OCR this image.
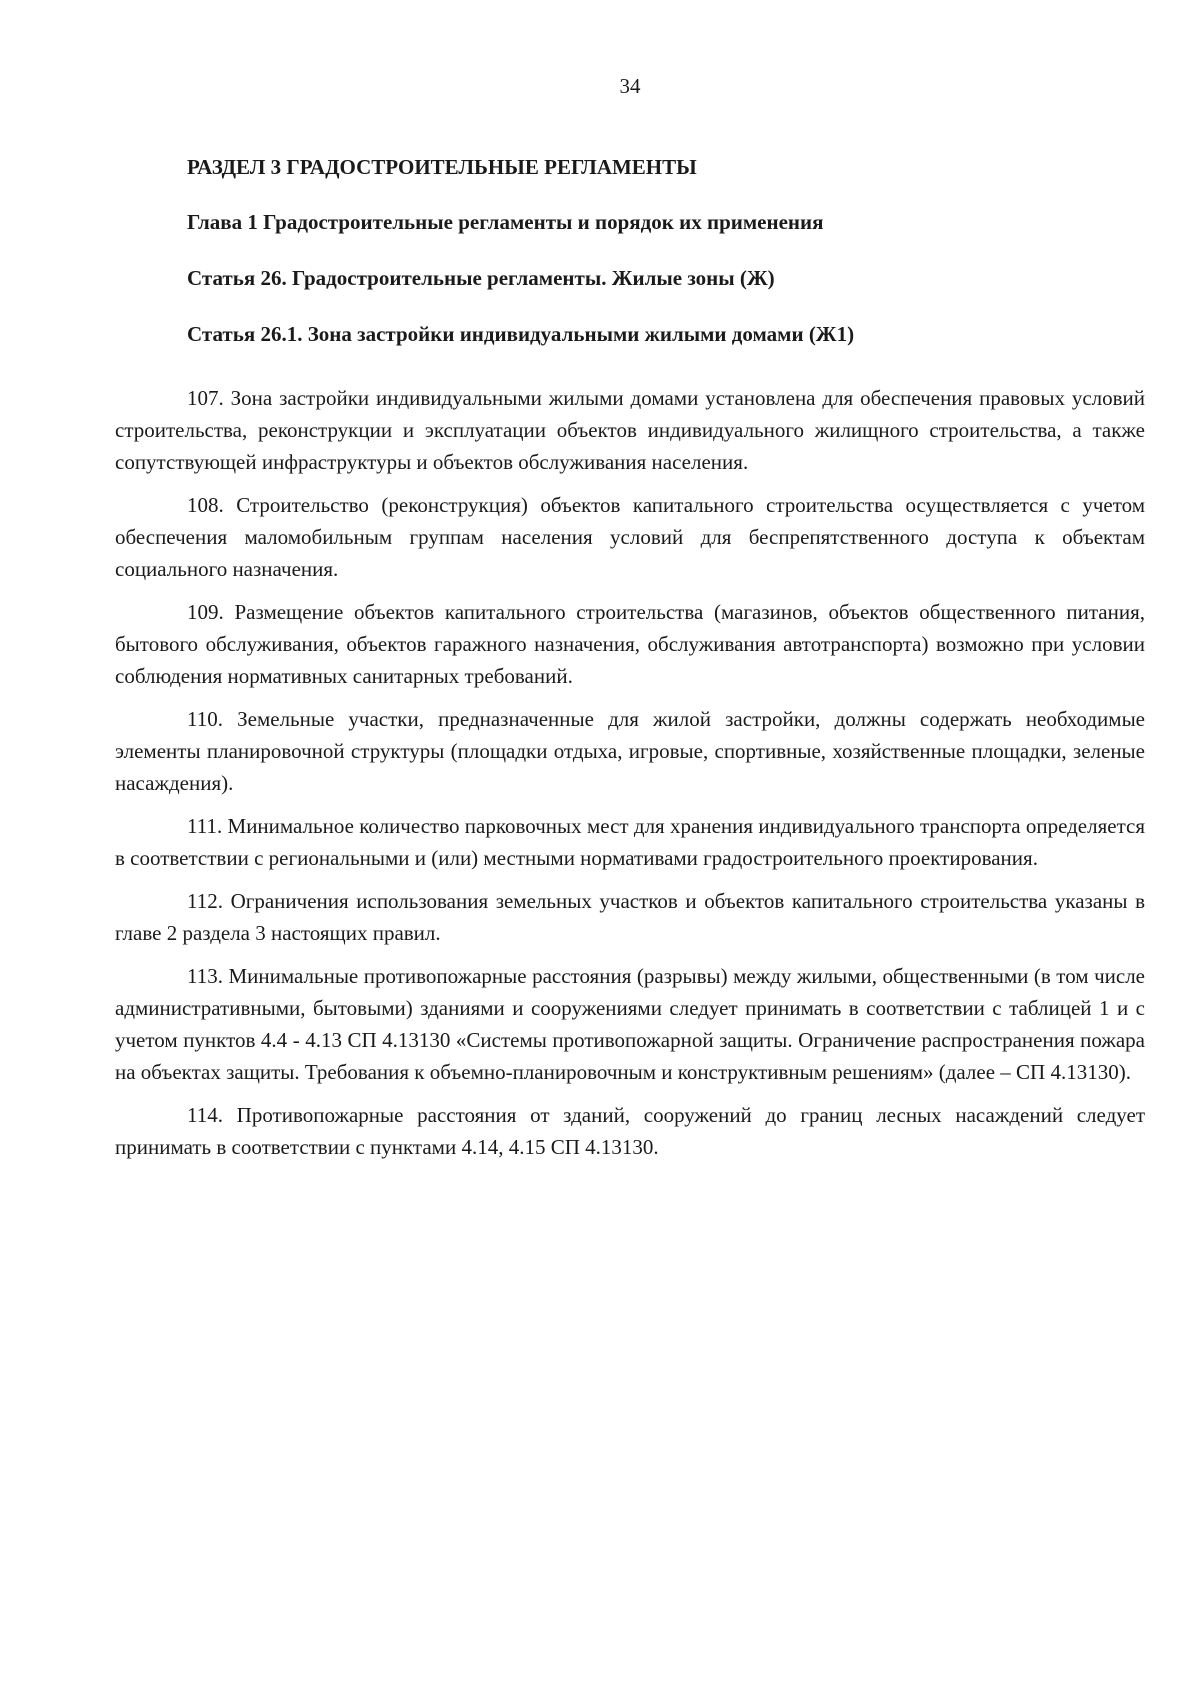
34
РАЗДЕЛ 3 ГРАДОСТРОИТЕЛЬНЫЕ РЕГЛАМЕНТЫ
Глава 1 Градостроительные регламенты и порядок их применения
Статья 26. Градостроительные регламенты. Жилые зоны (Ж)
Статья 26.1. Зона застройки индивидуальными жилыми домами (Ж1)

107. Зона застройки индивидуальными жилыми домами установлена для обеспечения правовых условий строительства, реконструкции и эксплуатации объектов индивидуального жилищного строительства, а также сопутствующей инфраструктуры и объектов обслуживания населения.

108. Строительство (реконструкция) объектов капитального строительства осуществляется с учетом обеспечения маломобильным группам населения условий для беспрепятственного доступа к объектам социального назначения.

109. Размещение объектов капитального строительства (магазинов, объектов общественного питания, бытового обслуживания, объектов гаражного назначения, обслуживания автотранспорта) возможно при условии соблюдения нормативных санитарных требований.

110. Земельные участки, предназначенные для жилой застройки, должны содержать необходимые элементы планировочной структуры (площадки отдыха, игровые, спортивные, хозяйственные площадки, зеленые насаждения).

111. Минимальное количество парковочных мест для хранения индивидуального транспорта определяется в соответствии с региональными и (или) местными нормативами градостроительного проектирования.

112. Ограничения использования земельных участков и объектов капитального строительства указаны в главе 2 раздела 3 настоящих правил.

113. Минимальные противопожарные расстояния (разрывы) между жилыми, общественными (в том числе административными, бытовыми) зданиями и сооружениями следует принимать в соответствии с таблицей 1 и с учетом пунктов 4.4 - 4.13 СП 4.13130 «Системы противопожарной защиты. Ограничение распространения пожара на объектах защиты. Требования к объемно-планировочным и конструктивным решениям» (далее – СП 4.13130).

114. Противопожарные расстояния от зданий, сооружений до границ лесных насаждений следует принимать в соответствии с пунктами 4.14, 4.15 СП 4.13130.
